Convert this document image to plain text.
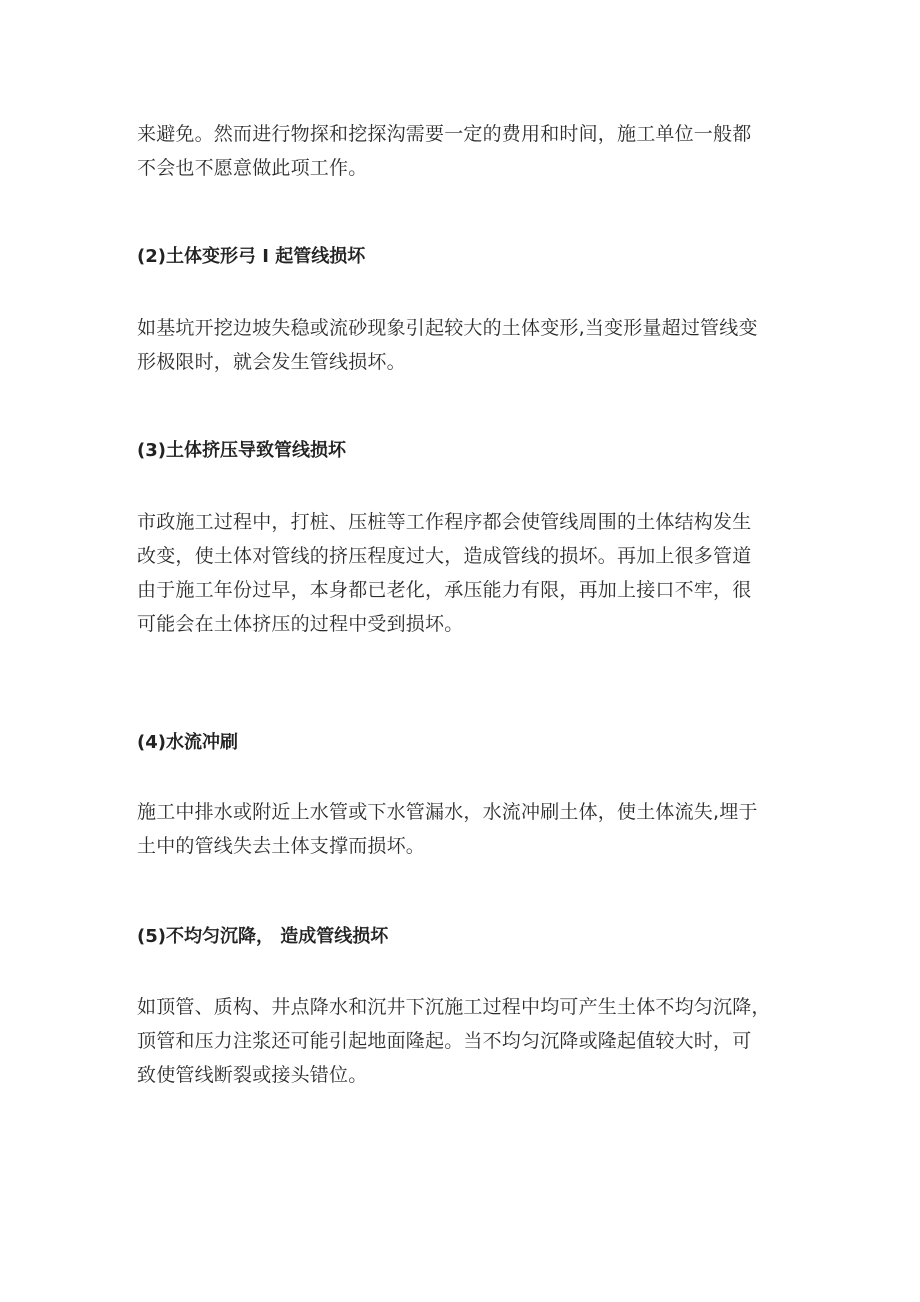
来避免。然而进行物探和挖探沟需要一定的费用和时间，施工单位一般都
不会也不愿意做此项工作。
(2)土体变形弓 I 起管线损坏
如基坑开挖边坡失稳或流砂现象引起较大的土体变形,当变形量超过管线变
形极限时，就会发生管线损坏。
(3)土体挤压导致管线损坏
市政施工过程中，打桩、压桩等工作程序都会使管线周围的土体结构发生
改变，使土体对管线的挤压程度过大，造成管线的损坏。再加上很多管道
由于施工年份过早，本身都已老化，承压能力有限，再加上接口不牢，很
可能会在土体挤压的过程中受到损坏。
(4)水流冲刷
施工中排水或附近上水管或下水管漏水，水流冲刷土体，使土体流失,埋于
土中的管线失去土体支撑而损坏。
(5)不均匀沉降， 造成管线损坏
如顶管、质构、井点降水和沉井下沉施工过程中均可产生土体不均匀沉降，
顶管和压力注浆还可能引起地面隆起。当不均匀沉降或隆起值较大时，可
致使管线断裂或接头错位。
